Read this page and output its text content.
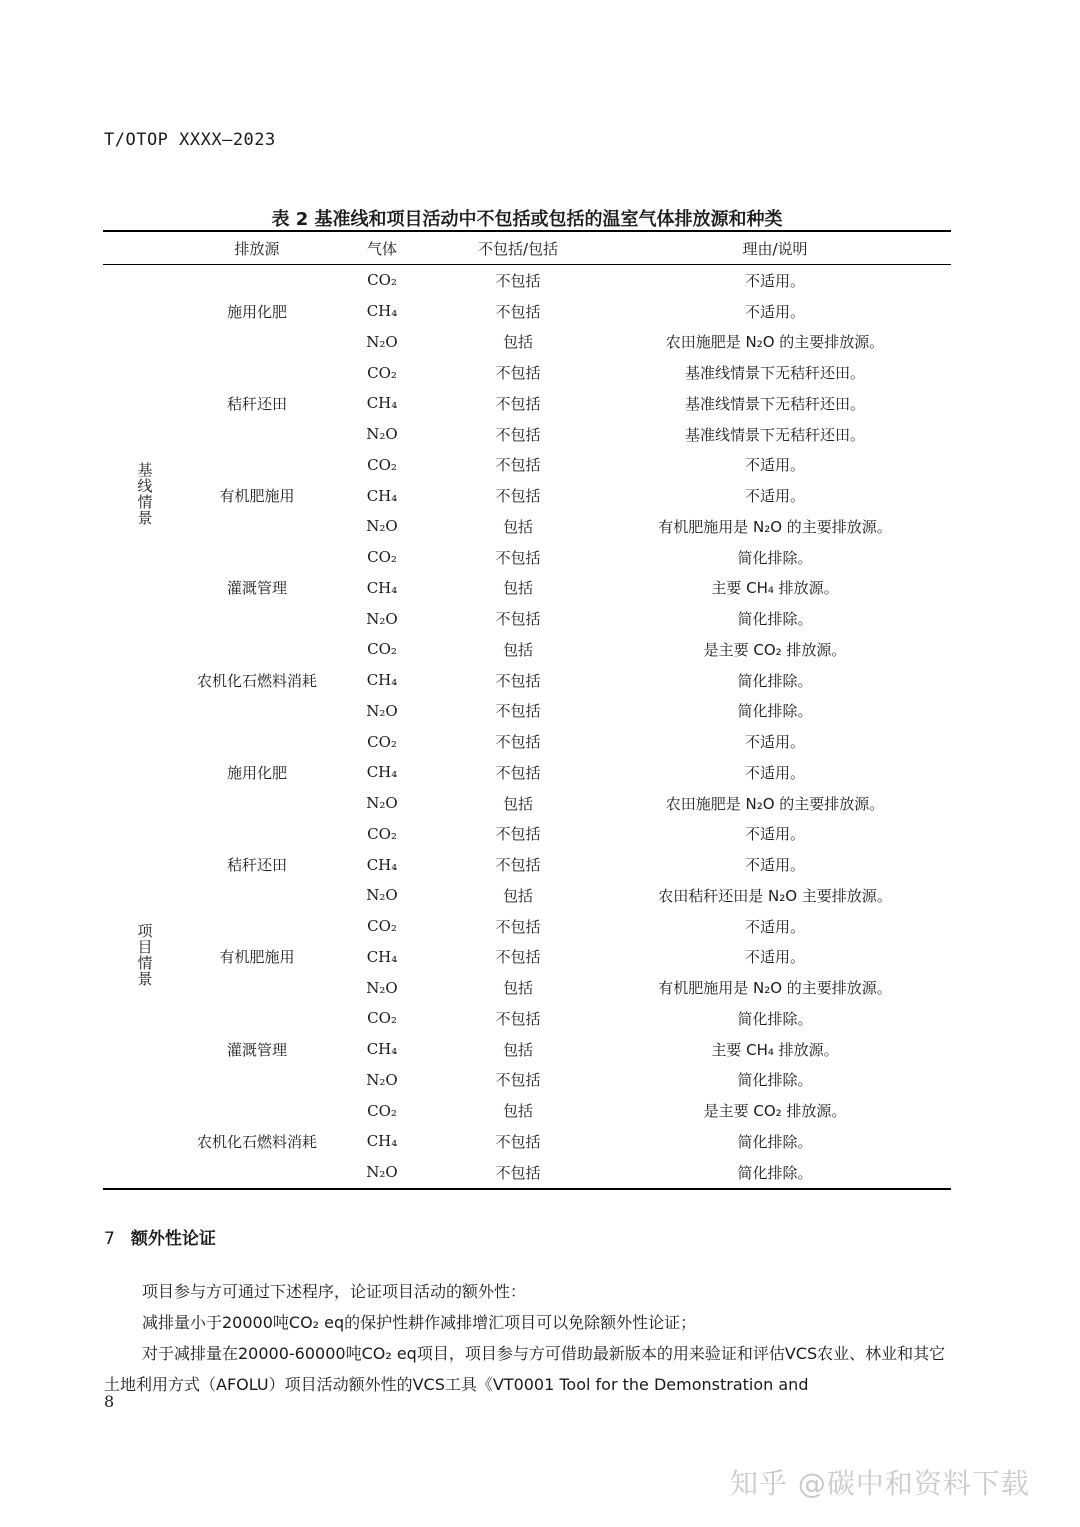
T/OTOP XXXX—2023
表 2 基准线和项目活动中不包括或包括的温室气体排放源和种类
	排放源	气体	不包括/包括	理由/说明
基线情景	施用化肥	CO₂	不包括	不适用。
		CH₄	不包括	不适用。
		N₂O	包括	农田施肥是 N₂O 的主要排放源。
	秸秆还田	CO₂	不包括	基准线情景下无秸秆还田。
		CH₄	不包括	基准线情景下无秸秆还田。
		N₂O	不包括	基准线情景下无秸秆还田。
	有机肥施用	CO₂	不包括	不适用。
		CH₄	不包括	不适用。
		N₂O	包括	有机肥施用是 N₂O 的主要排放源。
	灌溉管理	CO₂	不包括	简化排除。
		CH₄	包括	主要 CH₄ 排放源。
		N₂O	不包括	简化排除。
	农机化石燃料消耗	CO₂	包括	是主要 CO₂ 排放源。
		CH₄	不包括	简化排除。
		N₂O	不包括	简化排除。
项目情景	施用化肥	CO₂	不包括	不适用。
		CH₄	不包括	不适用。
		N₂O	包括	农田施肥是 N₂O 的主要排放源。
	秸秆还田	CO₂	不包括	不适用。
		CH₄	不包括	不适用。
		N₂O	包括	农田秸秆还田是 N₂O 主要排放源。
	有机肥施用	CO₂	不包括	不适用。
		CH₄	不包括	不适用。
		N₂O	包括	有机肥施用是 N₂O 的主要排放源。
	灌溉管理	CO₂	不包括	简化排除。
		CH₄	包括	主要 CH₄ 排放源。
		N₂O	不包括	简化排除。
	农机化石燃料消耗	CO₂	包括	是主要 CO₂ 排放源。
		CH₄	不包括	简化排除。
		N₂O	不包括	简化排除。
7 额外性论证

项目参与方可通过下述程序，论证项目活动的额外性：

减排量小于20000吨CO₂ eq的保护性耕作减排增汇项目可以免除额外性论证；

对于减排量在20000-60000吨CO₂ eq项目，项目参与方可借助最新版本的用来验证和评估VCS农业、林业和其它土地利用方式（AFOLU）项目活动额外性的VCS工具《VT0001 Tool for the Demonstration and

8
知乎 @碳中和资料下载
